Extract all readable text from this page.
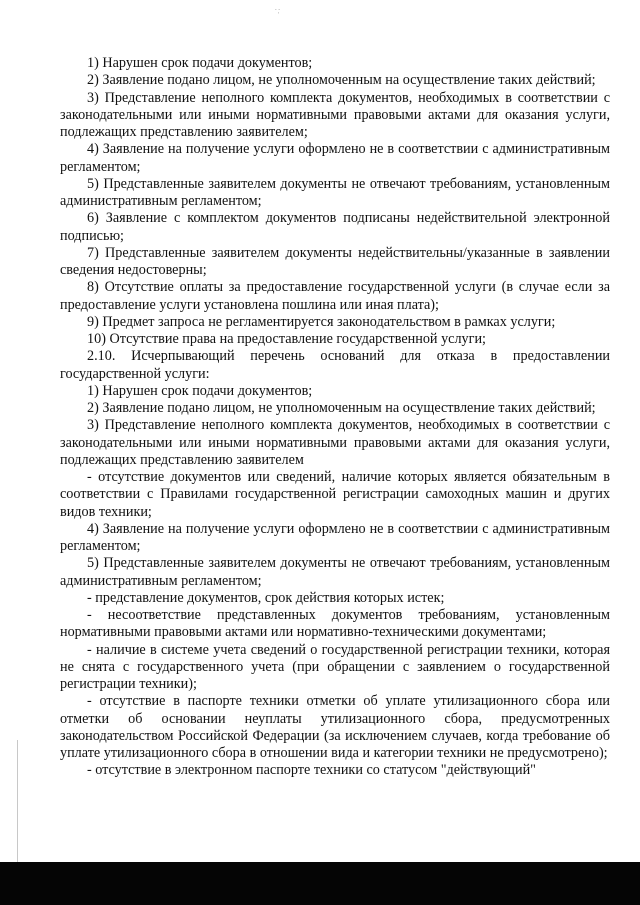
·‧̩

1) Нарушен срок подачи документов;

2) Заявление подано лицом, не уполномоченным на осуществление таких действий;

3) Представление неполного комплекта документов, необходимых в соответствии с законодательными или иными нормативными правовыми актами для оказания услуги, подлежащих представлению заявителем;

4) Заявление на получение услуги оформлено не в соответствии с административным регламентом;

5) Представленные заявителем документы не отвечают требованиям, установленным административным регламентом;

6) Заявление с комплектом документов подписаны недействительной электронной подписью;

7) Представленные заявителем документы недействительны/указанные в заявлении сведения недостоверны;

8) Отсутствие оплаты за предоставление государственной услуги (в случае если за предоставление услуги установлена пошлина или иная плата);

9) Предмет запроса не регламентируется законодательством в рамках услуги;

10) Отсутствие права на предоставление государственной услуги;

2.10. Исчерпывающий перечень оснований для отказа в предоставлении государственной услуги:

1) Нарушен срок подачи документов;

2) Заявление подано лицом, не уполномоченным на осуществление таких действий;

3) Представление неполного комплекта документов, необходимых в соответствии с законодательными или иными нормативными правовыми актами для оказания услуги, подлежащих представлению заявителем

- отсутствие документов или сведений, наличие которых является обязательным в соответствии с Правилами государственной регистрации самоходных машин и других видов техники;

4) Заявление на получение услуги оформлено не в соответствии с административным регламентом;

5) Представленные заявителем документы не отвечают требованиям, установленным административным регламентом;

- представление документов, срок действия которых истек;

- несоответствие представленных документов требованиям, установленным нормативными правовыми актами или нормативно-техническими документами;

- наличие в системе учета сведений о государственной регистрации техники, которая не снята с государственного учета (при обращении с заявлением о государственной регистрации техники);

- отсутствие в паспорте техники отметки об уплате утилизационного сбора или отметки об основании неуплаты утилизационного сбора, предусмотренных законодательством Российской Федерации (за исключением случаев, когда требование об уплате утилизационного сбора в отношении вида и категории техники не предусмотрено);

- отсутствие в электронном паспорте техники со статусом "действующий"
